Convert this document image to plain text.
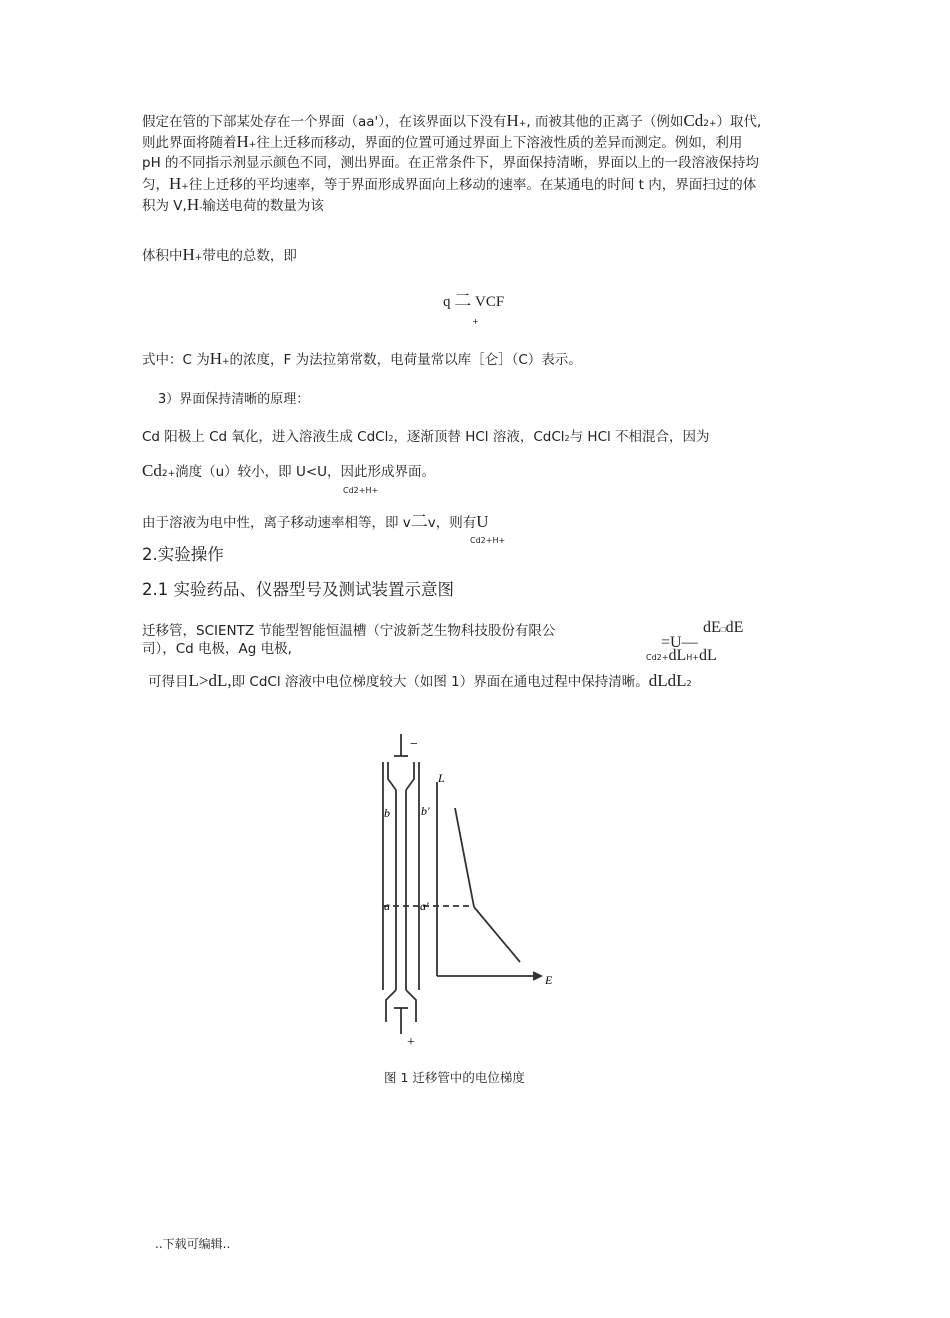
假定在管的下部某处存在一个界面（aa'），在该界面以下没有H+, 而被其他的正离子（例如Cd2+）取代,
则此界面将随着H+往上迁移而移动，界面的位置可通过界面上下溶液性质的差异而测定。例如，利用
pH 的不同指示剂显示颜色不同，测出界面。在正常条件下，界面保持清晰，界面以上的一段溶液保持均
匀，H+往上迁移的平均速率，等于界面形成界面向上移动的速率。在某通电的时间 t 内，界面扫过的体
积为 V,H-输送电荷的数量为该
体积中H+带电的总数，即
q 二 VCF
+
式中：C 为H+的浓度，F 为法拉第常数，电荷量常以库［仑］（C）表示。
3）界面保持清晰的原理：
Cd 阳极上 Cd 氧化，进入溶液生成 CdCl2，逐渐顶替 HCl 溶液，CdCl2与 HCl 不相混合，因为
Cd2+淌度（u）较小，即 U<U，因此形成界面。
Cd2+H+
由于溶液为电中性，离子移动速率相等，即 v二v，则有U
Cd2+H+
2.实验操作
2.1 实验药品、仪器型号及测试装置示意图
迁移管，SCIENTZ 节能型智能恒温槽（宁波新芝生物科技股份有限公
司），Cd 电极，Ag 电极,
dE□dE
=U—
Cd2+dLH+dL
可得目L>dL,即 CdCl 溶液中电位梯度较大（如图 1）界面在通电过程中保持清晰。dLdL2
−
+
b	b'
a	a'
L
E
图 1 迁移管中的电位梯度
..下载可编辑..
